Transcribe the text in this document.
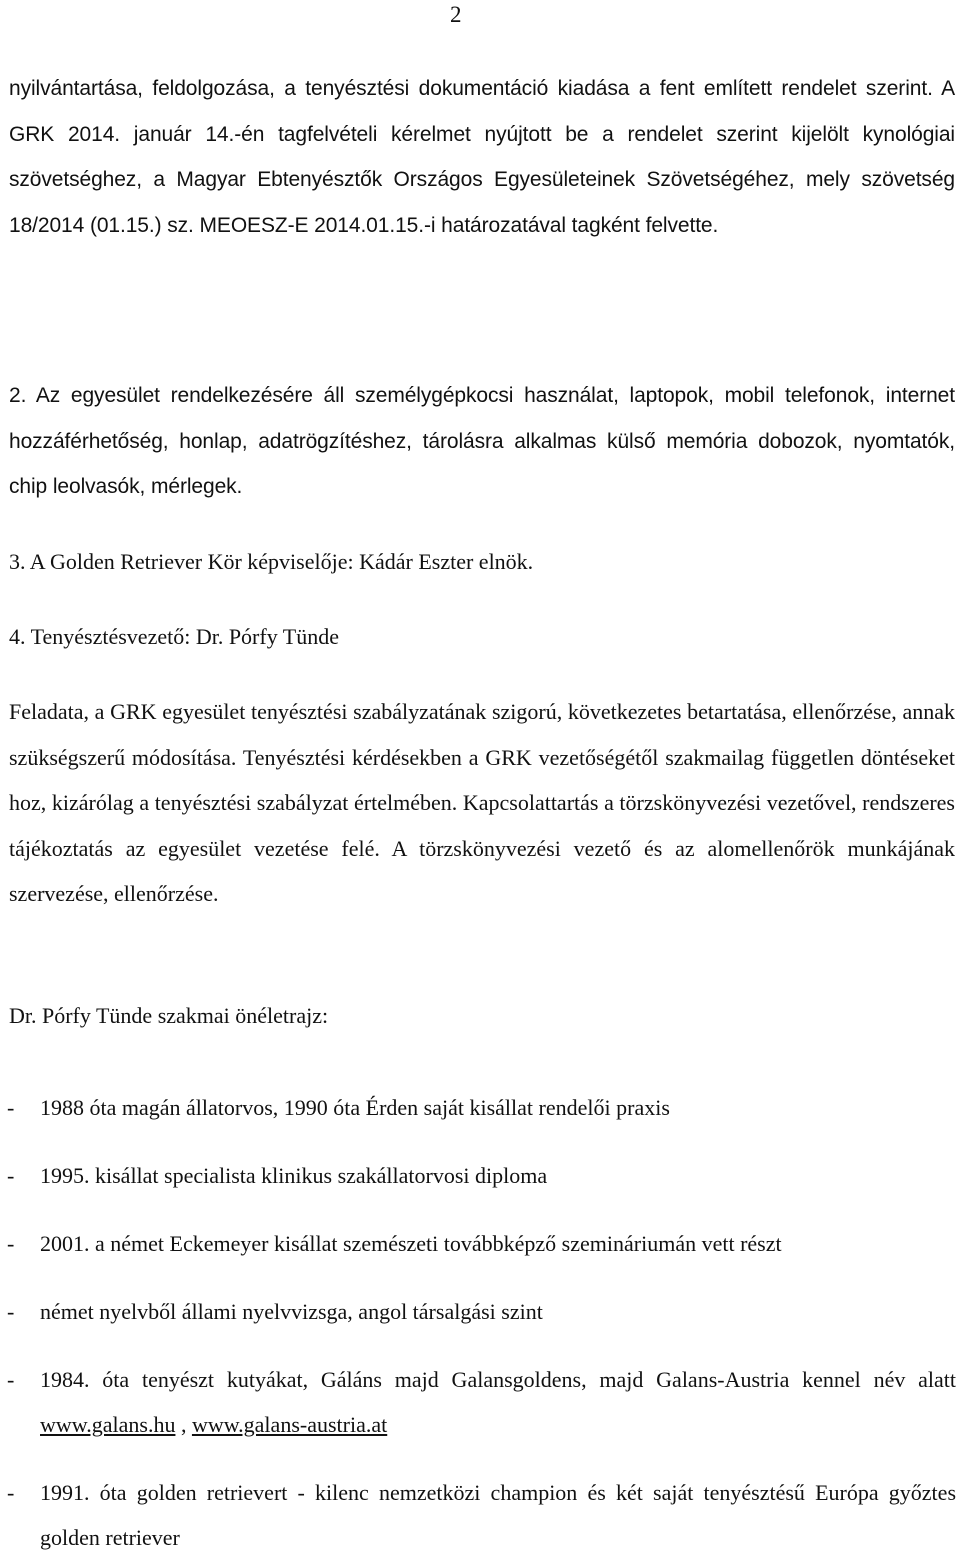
2

nyilvántartása, feldolgozása, a tenyésztési dokumentáció kiadása a fent említett rendelet szerint. A GRK 2014. január 14.-én tagfelvételi kérelmet nyújtott be a rendelet szerint kijelölt kynológiai szövetséghez, a Magyar Ebtenyésztők Országos Egyesületeinek Szövetségéhez, mely szövetség 18/2014 (01.15.) sz. MEOESZ-E 2014.01.15.-i határozatával tagként felvette.

2. Az egyesület rendelkezésére áll személygépkocsi használat, laptopok, mobil telefonok, internet hozzáférhetőség, honlap, adatrögzítéshez, tárolásra alkalmas külső memória dobozok, nyomtatók, chip leolvasók, mérlegek.

3. A Golden Retriever Kör képviselője: Kádár Eszter elnök.

4. Tenyésztésvezető: Dr. Pórfy Tünde

Feladata, a GRK egyesület tenyésztési szabályzatának szigorú, következetes betartatása, ellenőrzése, annak szükségszerű módosítása. Tenyésztési kérdésekben a GRK vezetőségétől szakmailag független döntéseket hoz, kizárólag a tenyésztési szabályzat értelmében. Kapcsolattartás a törzskönyvezési vezetővel, rendszeres tájékoztatás az egyesület vezetése felé. A törzskönyvezési vezető és az alomellenőrök munkájának szervezése, ellenőrzése.

Dr. Pórfy Tünde szakmai önéletrajz:

- 1988 óta magán állatorvos, 1990 óta Érden saját kisállat rendelői praxis
- 1995. kisállat specialista klinikus szakállatorvosi diploma
- 2001. a német Eckemeyer kisállat szemészeti továbbképző szemináriumán vett részt
- német nyelvből állami nyelvvizsga, angol társalgási szint
- 1984. óta tenyészt kutyákat, Gáláns majd Galansgoldens, majd Galans-Austria kennel név alatt www.galans.hu , www.galans-austria.at
- 1991. óta golden retrievert - kilenc nemzetközi champion és két saját tenyésztésű Európa győztes golden retriever
